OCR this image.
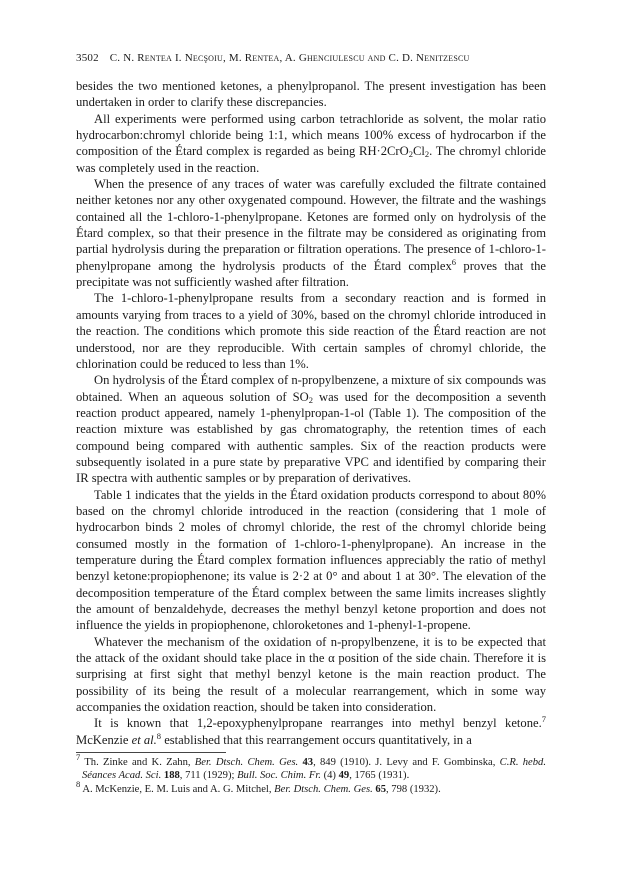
3502 C. N. Rentea I. Necşoiu, M. Rentea, A. Ghenciulescu and C. D. Nenitzescu

besides the two mentioned ketones, a phenylpropanol. The present investigation has been undertaken in order to clarify these discrepancies.

All experiments were performed using carbon tetrachloride as solvent, the molar ratio hydrocarbon:chromyl chloride being 1:1, which means 100% excess of hydrocarbon if the composition of the Étard complex is regarded as being $RH\cdot 2CrO_2Cl_2$. The chromyl chloride was completely used in the reaction.

When the presence of any traces of water was carefully excluded the filtrate contained neither ketones nor any other oxygenated compound. However, the filtrate and the washings contained all the 1-chloro-1-phenylpropane. Ketones are formed only on hydrolysis of the Étard complex, so that their presence in the filtrate may be considered as originating from partial hydrolysis during the preparation or filtration operations. The presence of 1-chloro-1-phenylpropane among the hydrolysis products of the Étard complex$^6$ proves that the precipitate was not sufficiently washed after filtration.

The 1-chloro-1-phenylpropane results from a secondary reaction and is formed in amounts varying from traces to a yield of 30%, based on the chromyl chloride introduced in the reaction. The conditions which promote this side reaction of the Étard reaction are not understood, nor are they reproducible. With certain samples of chromyl chloride, the chlorination could be reduced to less than 1%.

On hydrolysis of the Étard complex of n-propylbenzene, a mixture of six compounds was obtained. When an aqueous solution of $SO_2$ was used for the decomposition a seventh reaction product appeared, namely 1-phenylpropan-1-ol (Table 1). The composition of the reaction mixture was established by gas chromatography, the retention times of each compound being compared with authentic samples. Six of the reaction products were subsequently isolated in a pure state by preparative VPC and identified by comparing their IR spectra with authentic samples or by preparation of derivatives.

Table 1 indicates that the yields in the Étard oxidation products correspond to about 80% based on the chromyl chloride introduced in the reaction (considering that 1 mole of hydrocarbon binds 2 moles of chromyl chloride, the rest of the chromyl chloride being consumed mostly in the formation of 1-chloro-1-phenylpropane). An increase in the temperature during the Étard complex formation influences appreciably the ratio of methyl benzyl ketone:propiophenone; its value is 2·2 at 0° and about 1 at 30°. The elevation of the decomposition temperature of the Étard complex between the same limits increases slightly the amount of benzaldehyde, decreases the methyl benzyl ketone proportion and does not influence the yields in propiophenone, chloroketones and 1-phenyl-1-propene.

Whatever the mechanism of the oxidation of n-propylbenzene, it is to be expected that the attack of the oxidant should take place in the α position of the side chain. Therefore it is surprising at first sight that methyl benzyl ketone is the main reaction product. The possibility of its being the result of a molecular rearrangement, which in some way accompanies the oxidation reaction, should be taken into consideration.

It is known that 1,2-epoxyphenylpropane rearranges into methyl benzyl ketone.$^7$ McKenzie et al.$^8$ established that this rearrangement occurs quantitatively, in a

$^7$ Th. Zinke and K. Zahn, Ber. Dtsch. Chem. Ges. 43, 849 (1910). J. Levy and F. Gombinska, C.R. hebd. Séances Acad. Sci. 188, 711 (1929); Bull. Soc. Chim. Fr. (4) 49, 1765 (1931).

$^8$ A. McKenzie, E. M. Luis and A. G. Mitchel, Ber. Dtsch. Chem. Ges. 65, 798 (1932).
